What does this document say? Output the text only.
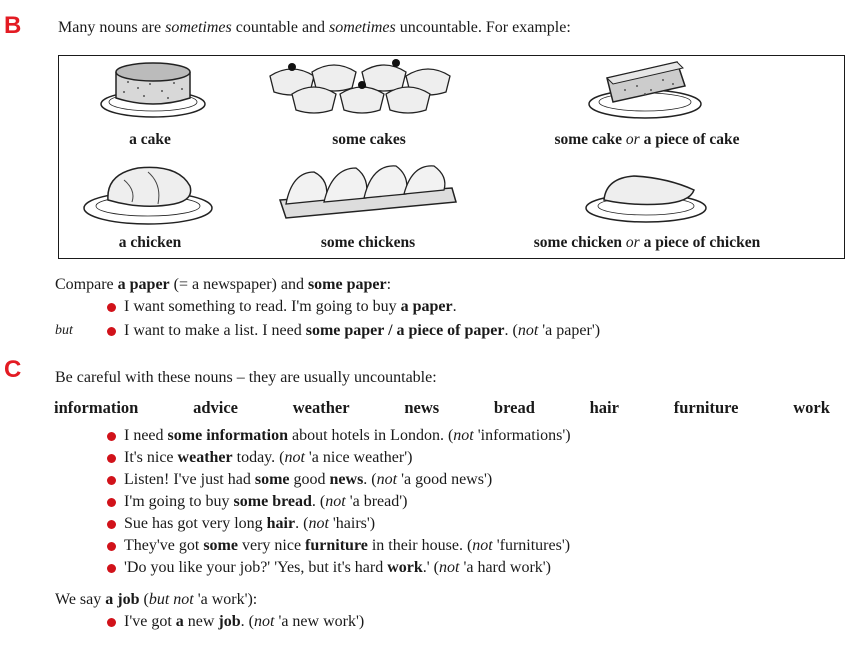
B Many nouns are sometimes countable and sometimes uncountable. For example:
a cake	some cakes	some cake or a piece of cake
a chicken	some chickens	some chicken or a piece of chicken
Compare a paper (= a newspaper) and some paper:
I want something to read. I'm going to buy a paper.
but	I want to make a list. I need some paper / a piece of paper. (not 'a paper')
C Be careful with these nouns – they are usually uncountable:
information	advice	weather	news	bread	hair	furniture	work
I need some information about hotels in London. (not 'informations')
It's nice weather today. (not 'a nice weather')
Listen! I've just had some good news. (not 'a good news')
I'm going to buy some bread. (not 'a bread')
Sue has got very long hair. (not 'hairs')
They've got some very nice furniture in their house. (not 'furnitures')
'Do you like your job?' 'Yes, but it's hard work.' (not 'a hard work')
We say a job (but not 'a work'):
I've got a new job. (not 'a new work')
